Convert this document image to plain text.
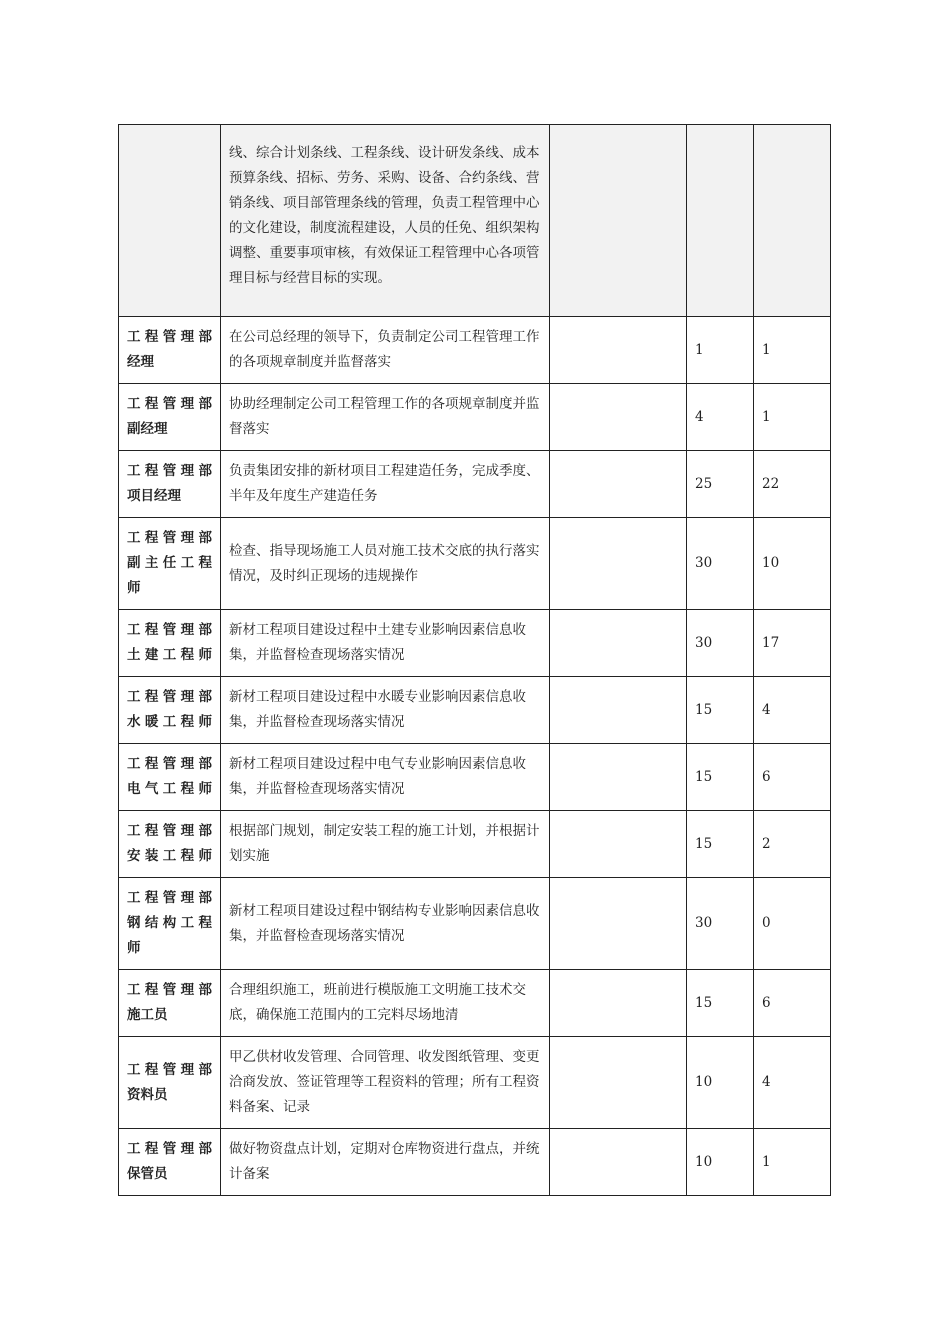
	线、综合计划条线、工程条线、设计研发条线、成本预算条线、招标、劳务、采购、设备、合约条线、营销条线、项目部管理条线的管理，负责工程管理中心的文化建设，制度流程建设，人员的任免、组织架构调整、重要事项审核，有效保证工程管理中心各项管理目标与经营目标的实现。			

工程管理部
经理	在公司总经理的领导下，负责制定公司工程管理工作的各项规章制度并监督落实		1	1

工程管理部
副经理	协助经理制定公司工程管理工作的各项规章制度并监督落实		4	1

工程管理部
项目经理	负责集团安排的新材项目工程建造任务，完成季度、半年及年度生产建造任务		25	22

工程管理部
副主任工程
师	检查、指导现场施工人员对施工技术交底的执行落实情况，及时纠正现场的违规操作		30	10

工程管理部
土建工程师	新材工程项目建设过程中土建专业影响因素信息收集，并监督检查现场落实情况		30	17

工程管理部
水暖工程师	新材工程项目建设过程中水暖专业影响因素信息收集，并监督检查现场落实情况		15	4

工程管理部
电气工程师	新材工程项目建设过程中电气专业影响因素信息收集，并监督检查现场落实情况		15	6

工程管理部
安装工程师	根据部门规划，制定安装工程的施工计划，并根据计划实施		15	2

工程管理部
钢结构工程
师	新材工程项目建设过程中钢结构专业影响因素信息收集，并监督检查现场落实情况		30	0

工程管理部
施工员	合理组织施工，班前进行模版施工文明施工技术交底，确保施工范围内的工完料尽场地清		15	6

工程管理部
资料员	甲乙供材收发管理、合同管理、收发图纸管理、变更洽商发放、签证管理等工程资料的管理；所有工程资料备案、记录		10	4

工程管理部
保管员	做好物资盘点计划，定期对仓库物资进行盘点，并统计备案		10	1
